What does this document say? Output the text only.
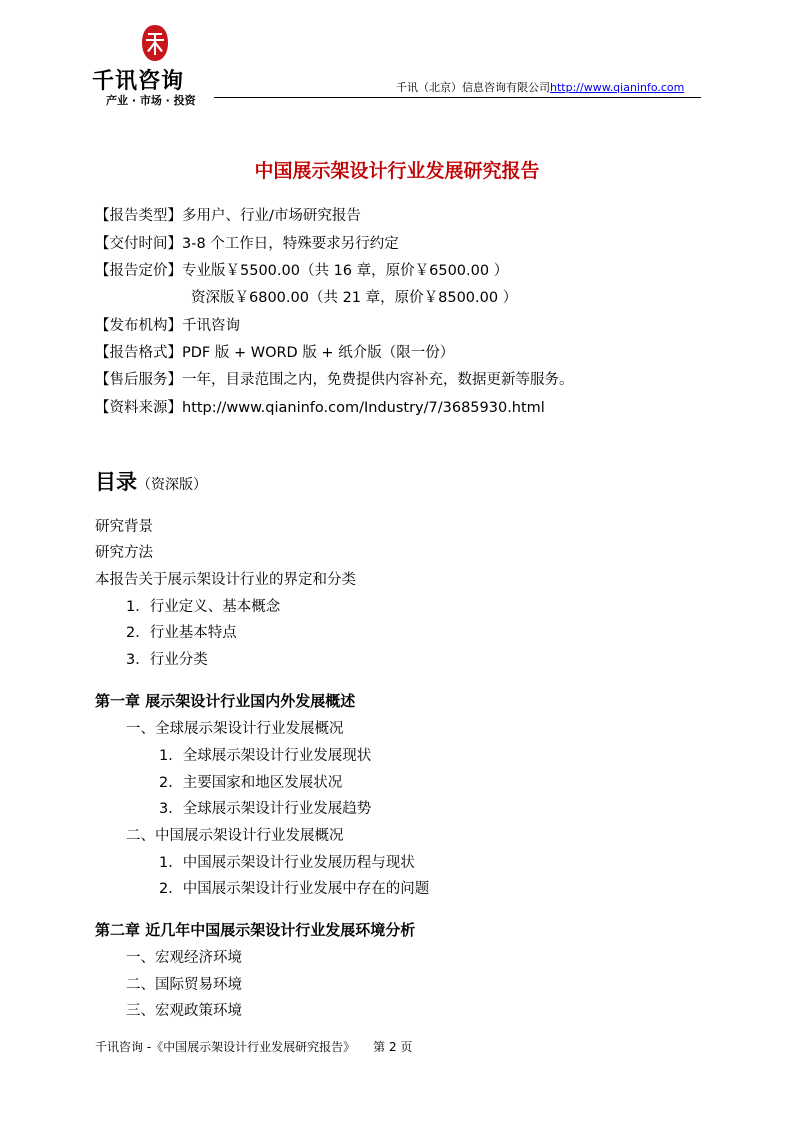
千讯咨询
产业 · 市场 · 投资
千讯（北京）信息咨询有限公司http://www.qianinfo.com
中国展示架设计行业发展研究报告
【报告类型】多用户、行业/市场研究报告
【交付时间】3-8 个工作日，特殊要求另行约定
【报告定价】专业版￥5500.00（共 16 章，原价￥6500.00 ）
资深版￥6800.00（共 21 章，原价￥8500.00 ）
【发布机构】千讯咨询
【报告格式】PDF 版 + WORD 版 + 纸介版（限一份）
【售后服务】一年，目录范围之内，免费提供内容补充，数据更新等服务。
【资料来源】http://www.qianinfo.com/Industry/7/3685930.html
目录（资深版）
研究背景
研究方法
本报告关于展示架设计行业的界定和分类
1．行业定义、基本概念
2．行业基本特点
3．行业分类
第一章 展示架设计行业国内外发展概述
一、全球展示架设计行业发展概况
1．全球展示架设计行业发展现状
2．主要国家和地区发展状况
3．全球展示架设计行业发展趋势
二、中国展示架设计行业发展概况
1．中国展示架设计行业发展历程与现状
2．中国展示架设计行业发展中存在的问题
第二章 近几年中国展示架设计行业发展环境分析
一、宏观经济环境
二、国际贸易环境
三、宏观政策环境
千讯咨询 -《中国展示架设计行业发展研究报告》 第 2 页
